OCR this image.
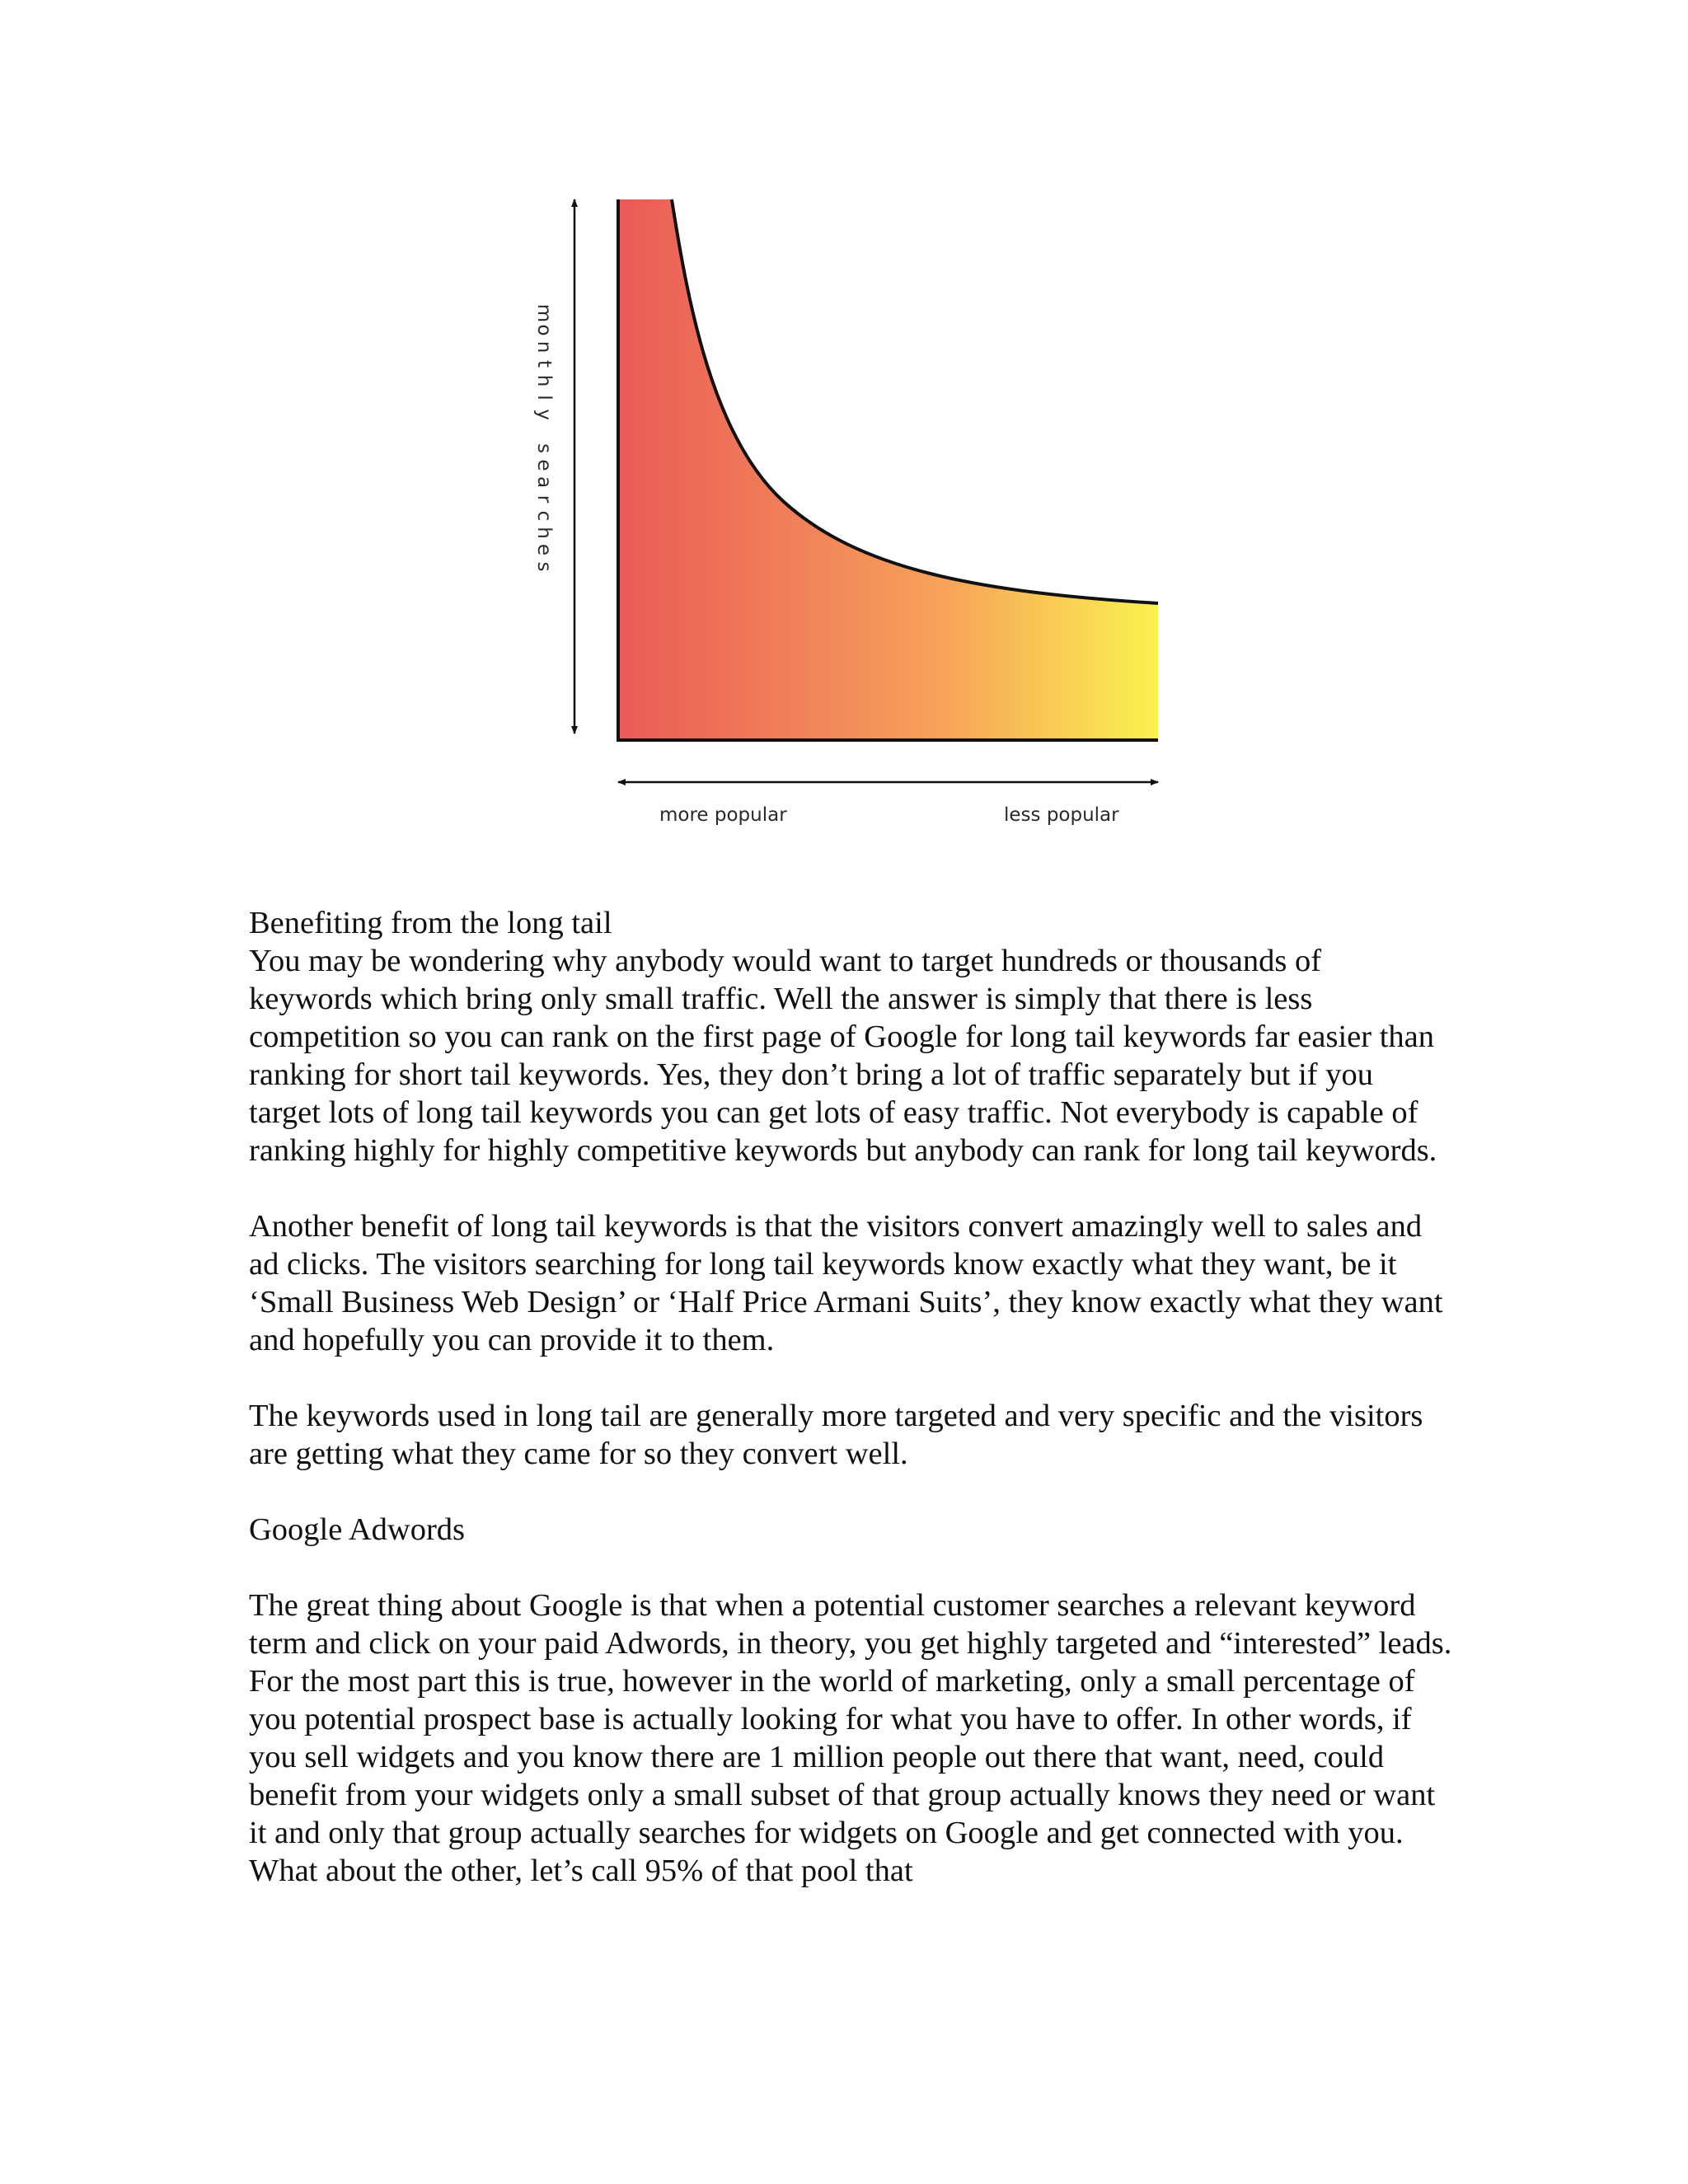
m
o
n
t
h
l
y
s
e
a
r
c
h
e
s
more popular	less popular

Benefiting from the long tail

You may be wondering why anybody would want to target hundreds or thousands of keywords which bring only small traffic. Well the answer is simply that there is less competition so you can rank on the first page of Google for long tail keywords far easier than ranking for short tail keywords. Yes, they don’t bring a lot of traffic separately but if you target lots of long tail keywords you can get lots of easy traffic. Not everybody is capable of ranking highly for highly competitive keywords but anybody can rank for long tail keywords.

Another benefit of long tail keywords is that the visitors convert amazingly well to sales and ad clicks. The visitors searching for long tail keywords know exactly what they want, be it ‘Small Business Web Design’ or ‘Half Price Armani Suits’, they know exactly what they want and hopefully you can provide it to them.

The keywords used in long tail are generally more targeted and very specific and the visitors are getting what they came for so they convert well.

Google Adwords

The great thing about Google is that when a potential customer searches a relevant keyword term and click on your paid Adwords, in theory, you get highly targeted and “interested” leads. For the most part this is true, however in the world of marketing, only a small percentage of you potential prospect base is actually looking for what you have to offer. In other words, if you sell widgets and you know there are 1 million people out there that want, need, could benefit from your widgets only a small subset of that group actually knows they need or want it and only that group actually searches for widgets on Google and get connected with you. What about the other, let’s call 95% of that pool that
